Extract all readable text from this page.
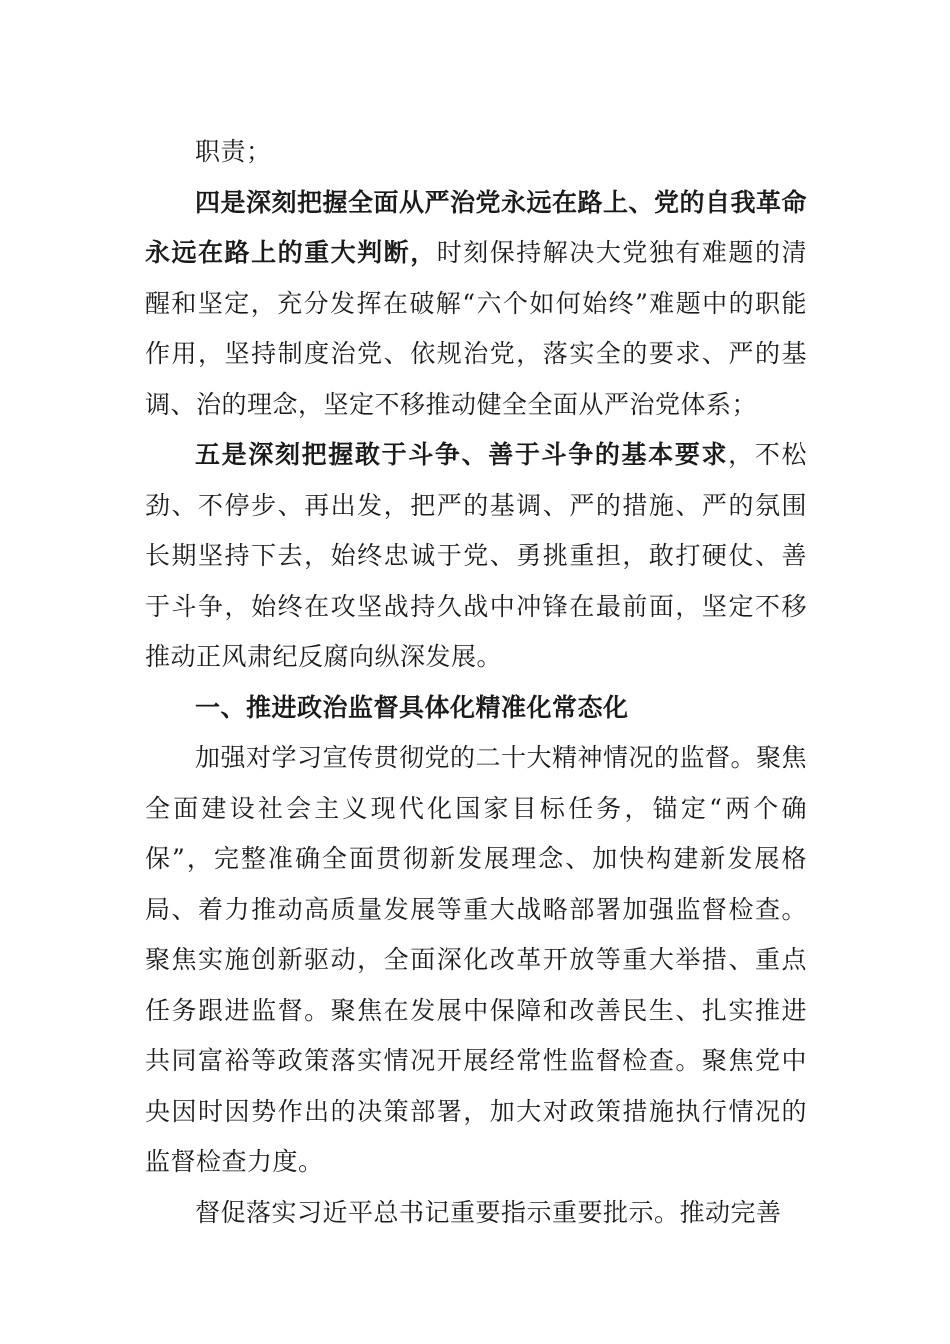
职责；

四是深刻把握全面从严治党永远在路上、党的自我革命永远在路上的重大判断，时刻保持解决大党独有难题的清醒和坚定，充分发挥在破解“六个如何始终”难题中的职能作用，坚持制度治党、依规治党，落实全的要求、严的基调、治的理念，坚定不移推动健全全面从严治党体系；

五是深刻把握敢于斗争、善于斗争的基本要求，不松劲、不停步、再出发，把严的基调、严的措施、严的氛围长期坚持下去，始终忠诚于党、勇挑重担，敢打硬仗、善于斗争，始终在攻坚战持久战中冲锋在最前面，坚定不移推动正风肃纪反腐向纵深发展。

一、推进政治监督具体化精准化常态化

加强对学习宣传贯彻党的二十大精神情况的监督。聚焦全面建设社会主义现代化国家目标任务，锚定“两个确保”，完整准确全面贯彻新发展理念、加快构建新发展格局、着力推动高质量发展等重大战略部署加强监督检查。聚焦实施创新驱动，全面深化改革开放等重大举措、重点任务跟进监督。聚焦在发展中保障和改善民生、扎实推进共同富裕等政策落实情况开展经常性监督检查。聚焦党中央因时因势作出的决策部署，加大对政策措施执行情况的监督检查力度。

督促落实习近平总书记重要指示重要批示。推动完善
